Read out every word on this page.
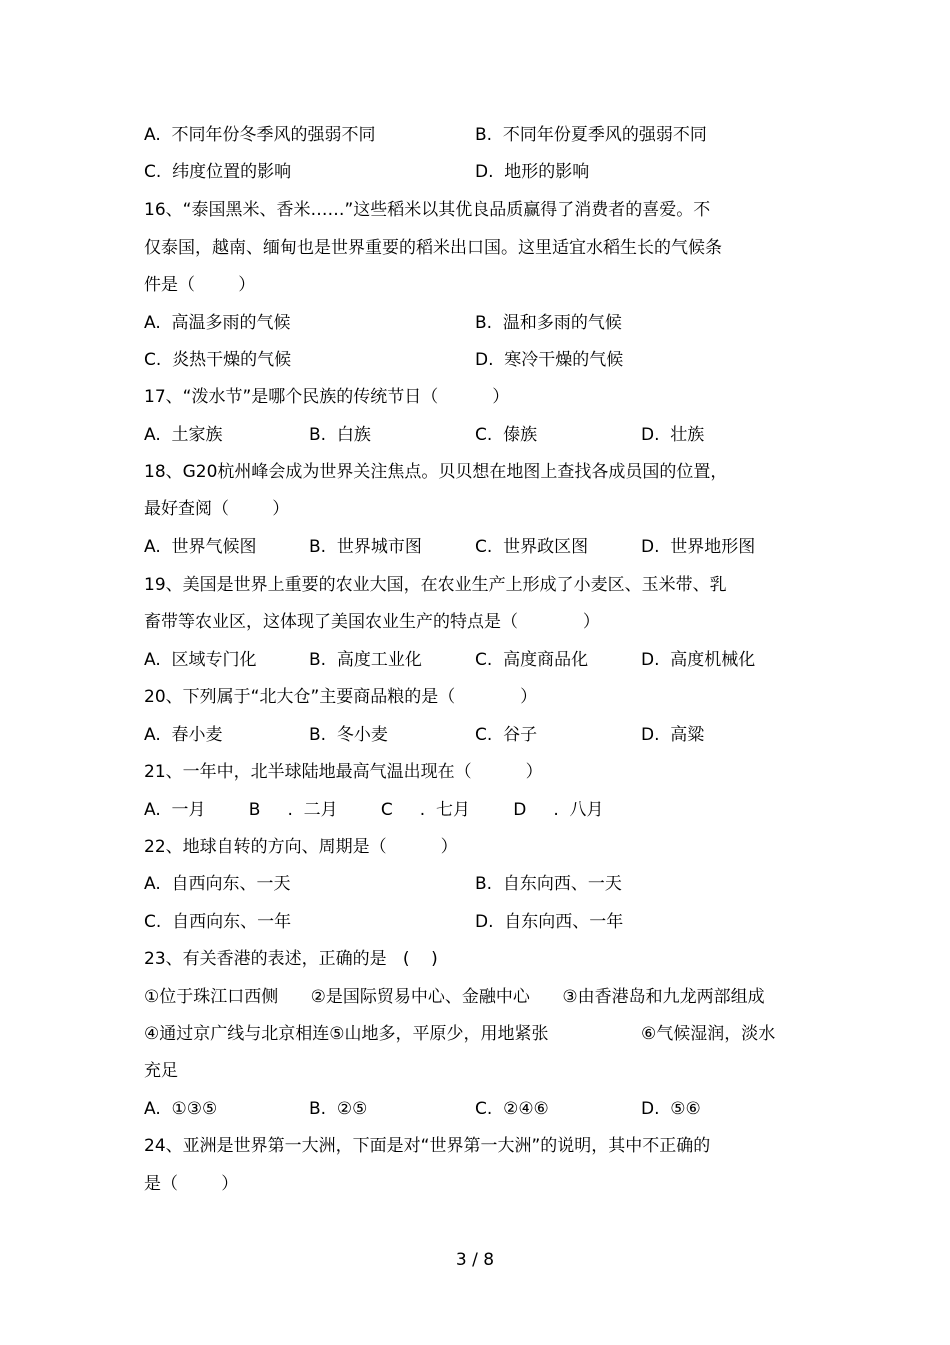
A.  不同年份冬季风的强弱不同	B.  不同年份夏季风的强弱不同
C.  纬度位置的影响	D.  地形的影响
16、“泰国黑米、香米……”这些稻米以其优良品质赢得了消费者的喜爱。不
仅泰国，越南、缅甸也是世界重要的稻米出口国。这里适宜水稻生长的气候条
件是（        ）
A.  高温多雨的气候	B.  温和多雨的气候
C.  炎热干燥的气候	D.  寒冷干燥的气候
17、“泼水节”是哪个民族的传统节日（          ）
A.  土家族	B.  白族	C.  傣族	D.  壮族
18、G20杭州峰会成为世界关注焦点。贝贝想在地图上查找各成员国的位置，
最好查阅（        ）
A.  世界气候图	B.  世界城市图	C.  世界政区图	D.  世界地形图
19、美国是世界上重要的农业大国，在农业生产上形成了小麦区、玉米带、乳
畜带等农业区，这体现了美国农业生产的特点是（            ）
A.  区域专门化	B.  高度工业化	C.  高度商品化	D.  高度机械化
20、下列属于“北大仓”主要商品粮的是（            ）
A.  春小麦	B.  冬小麦	C.  谷子	D.  高粱
21、一年中，北半球陆地最高气温出现在（          ）
A.  一月        B     .  二月        C     .  七月        D     .  八月
22、地球自转的方向、周期是（          ）
A.  自西向东、一天	B.  自东向西、一天
C.  自西向东、一年	D.  自东向西、一年
23、有关香港的表述，正确的是   (    )
①位于珠江口西侧      ②是国际贸易中心、金融中心      ③由香港岛和九龙两部组成
④通过京广线与北京相连⑤山地多，平原少，用地紧张	⑥气候湿润，淡水
充足
A.  ①③⑤	B.  ②⑤	C.  ②④⑥	D.  ⑤⑥
24、亚洲是世界第一大洲，下面是对“世界第一大洲”的说明，其中不正确的
是（        ）
3 / 8
